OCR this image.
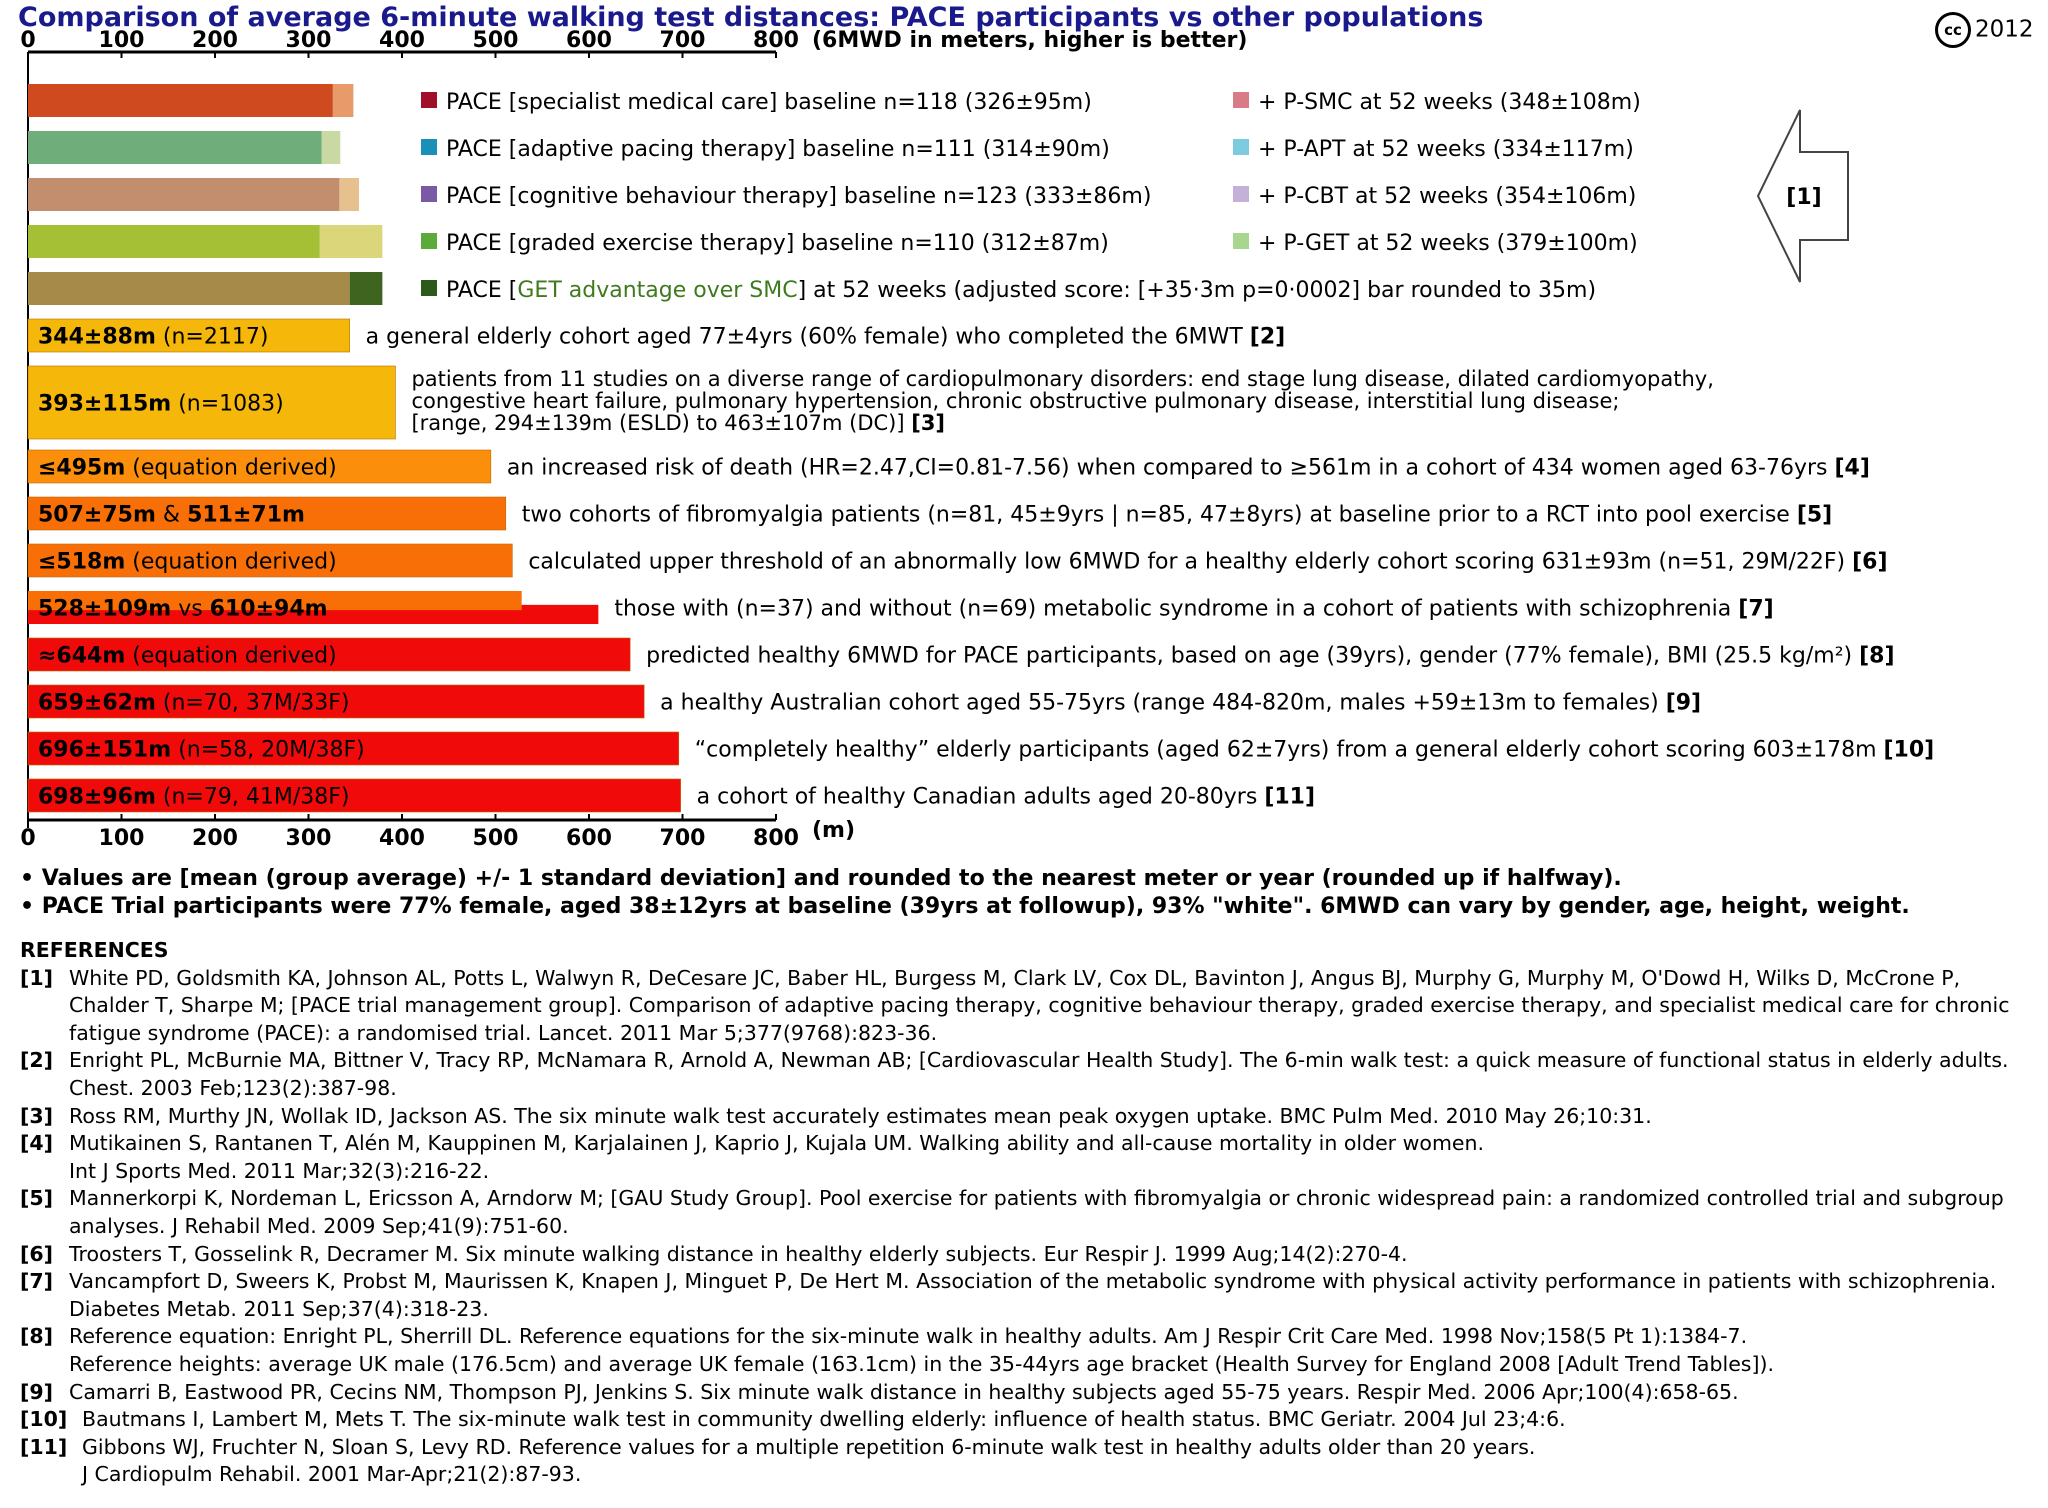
Comparison of average 6-minute walking test distances: PACE participants vs other populations	cc 2012
0
0
100
100
200
200
300
300
400
400
500
500
600
600
700
700
800
800
(6MWD in meters, higher is better)
(m)
PACE [specialist medical care] baseline n=118 (326±95m)	+ P-SMC at 52 weeks (348±108m)
PACE [adaptive pacing therapy] baseline n=111 (314±90m)	+ P-APT at 52 weeks (334±117m)
PACE [cognitive behaviour therapy] baseline n=123 (333±86m)	+ P-CBT at 52 weeks (354±106m)
PACE [graded exercise therapy] baseline n=110 (312±87m)	+ P-GET at 52 weeks (379±100m)
PACE [GET advantage over SMC] at 52 weeks (adjusted score: [+35·3m p=0·0002] bar rounded to 35m)
[1]
344±88m (n=2117)	a general elderly cohort aged 77±4yrs (60% female) who completed the 6MWT [2]
393±115m (n=1083)
patients from 11 studies on a diverse range of cardiopulmonary disorders: end stage lung disease, dilated cardiomyopathy,
congestive heart failure, pulmonary hypertension, chronic obstructive pulmonary disease, interstitial lung disease;
[range, 294±139m (ESLD) to 463±107m (DC)] [3]
≤495m (equation derived)	an increased risk of death (HR=2.47,CI=0.81-7.56) when compared to ≥561m in a cohort of 434 women aged 63-76yrs [4]
507±75m & 511±71m	two cohorts of fibromyalgia patients (n=81, 45±9yrs | n=85, 47±8yrs) at baseline prior to a RCT into pool exercise [5]
≤518m (equation derived)	calculated upper threshold of an abnormally low 6MWD for a healthy elderly cohort scoring 631±93m (n=51, 29M/22F) [6]
528±109m vs 610±94m	those with (n=37) and without (n=69) metabolic syndrome in a cohort of patients with schizophrenia [7]
≈644m (equation derived)	predicted healthy 6MWD for PACE participants, based on age (39yrs), gender (77% female), BMI (25.5 kg/m²) [8]
659±62m (n=70, 37M/33F)	a healthy Australian cohort aged 55-75yrs (range 484-820m, males +59±13m to females) [9]
696±151m (n=58, 20M/38F)	“completely healthy” elderly participants (aged 62±7yrs) from a general elderly cohort scoring 603±178m [10]
698±96m (n=79, 41M/38F)	a cohort of healthy Canadian adults aged 20-80yrs [11]
• Values are [mean (group average) +/- 1 standard deviation] and rounded to the nearest meter or year (rounded up if halfway).
• PACE Trial participants were 77% female, aged 38±12yrs at baseline (39yrs at followup), 93% "white". 6MWD can vary by gender, age, height, weight.
REFERENCES
[1] White PD, Goldsmith KA, Johnson AL, Potts L, Walwyn R, DeCesare JC, Baber HL, Burgess M, Clark LV, Cox DL, Bavinton J, Angus BJ, Murphy G, Murphy M, O'Dowd H, Wilks D, McCrone P, Chalder T, Sharpe M; [PACE trial management group]. Comparison of adaptive pacing therapy, cognitive behaviour therapy, graded exercise therapy, and specialist medical care for chronic fatigue syndrome (PACE): a randomised trial. Lancet. 2011 Mar 5;377(9768):823-36.
[2] Enright PL, McBurnie MA, Bittner V, Tracy RP, McNamara R, Arnold A, Newman AB; [Cardiovascular Health Study]. The 6-min walk test: a quick measure of functional status in elderly adults. Chest. 2003 Feb;123(2):387-98.
[3] Ross RM, Murthy JN, Wollak ID, Jackson AS. The six minute walk test accurately estimates mean peak oxygen uptake. BMC Pulm Med. 2010 May 26;10:31.
[4] Mutikainen S, Rantanen T, Alén M, Kauppinen M, Karjalainen J, Kaprio J, Kujala UM. Walking ability and all-cause mortality in older women.
Int J Sports Med. 2011 Mar;32(3):216-22.
[5] Mannerkorpi K, Nordeman L, Ericsson A, Arndorw M; [GAU Study Group]. Pool exercise for patients with fibromyalgia or chronic widespread pain: a randomized controlled trial and subgroup analyses. J Rehabil Med. 2009 Sep;41(9):751-60.
[6] Troosters T, Gosselink R, Decramer M. Six minute walking distance in healthy elderly subjects. Eur Respir J. 1999 Aug;14(2):270-4.
[7] Vancampfort D, Sweers K, Probst M, Maurissen K, Knapen J, Minguet P, De Hert M. Association of the metabolic syndrome with physical activity performance in patients with schizophrenia. Diabetes Metab. 2011 Sep;37(4):318-23.
[8] Reference equation: Enright PL, Sherrill DL. Reference equations for the six-minute walk in healthy adults. Am J Respir Crit Care Med. 1998 Nov;158(5 Pt 1):1384-7.
Reference heights: average UK male (176.5cm) and average UK female (163.1cm) in the 35-44yrs age bracket (Health Survey for England 2008 [Adult Trend Tables]).
[9] Camarri B, Eastwood PR, Cecins NM, Thompson PJ, Jenkins S. Six minute walk distance in healthy subjects aged 55-75 years. Respir Med. 2006 Apr;100(4):658-65.
[10] Bautmans I, Lambert M, Mets T. The six-minute walk test in community dwelling elderly: influence of health status. BMC Geriatr. 2004 Jul 23;4:6.
[11] Gibbons WJ, Fruchter N, Sloan S, Levy RD. Reference values for a multiple repetition 6-minute walk test in healthy adults older than 20 years.
J Cardiopulm Rehabil. 2001 Mar-Apr;21(2):87-93.
